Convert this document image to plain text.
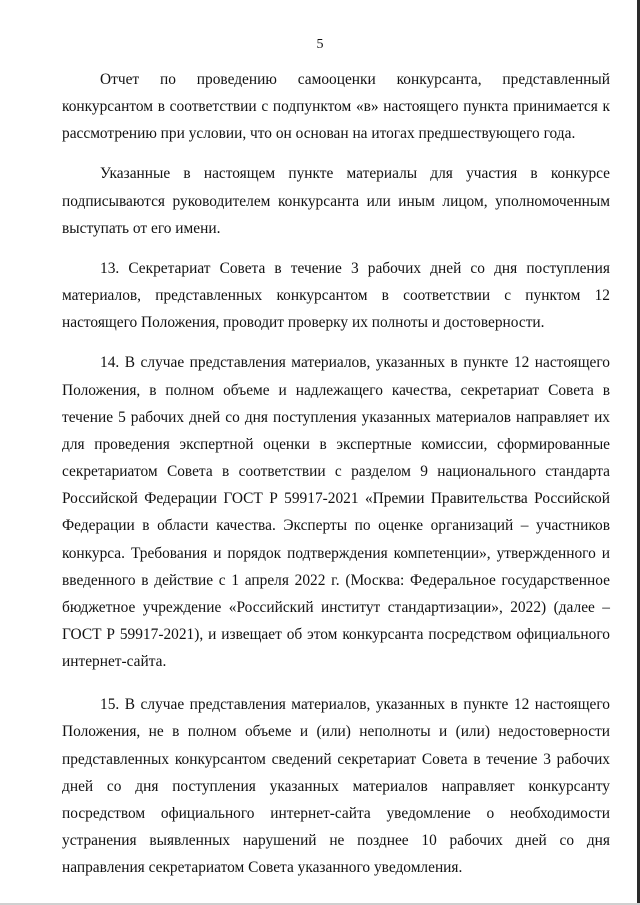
5

Отчет по проведению самооценки конкурсанта, представленный конкурсантом в соответствии с подпунктом «в» настоящего пункта принимается к рассмотрению при условии, что он основан на итогах предшествующего года.

Указанные в настоящем пункте материалы для участия в конкурсе подписываются руководителем конкурсанта или иным лицом, уполномоченным выступать от его имени.

13. Секретариат Совета в течение 3 рабочих дней со дня поступления материалов, представленных конкурсантом в соответствии с пунктом 12 настоящего Положения, проводит проверку их полноты и достоверности.

14. В случае представления материалов, указанных в пункте 12 настоящего Положения, в полном объеме и надлежащего качества, секретариат Совета в течение 5 рабочих дней со дня поступления указанных материалов направляет их для проведения экспертной оценки в экспертные комиссии, сформированные секретариатом Совета в соответствии с разделом 9 национального стандарта Российской Федерации ГОСТ Р 59917-2021 «Премии Правительства Российской Федерации в области качества. Эксперты по оценке организаций – участников конкурса. Требования и порядок подтверждения компетенции», утвержденного и введенного в действие с 1 апреля 2022 г. (Москва: Федеральное государственное бюджетное учреждение «Российский институт стандартизации», 2022) (далее – ГОСТ Р 59917-2021), и извещает об этом конкурсанта посредством официального интернет-сайта.

15. В случае представления материалов, указанных в пункте 12 настоящего Положения, не в полном объеме и (или) неполноты и (или) недостоверности представленных конкурсантом сведений секретариат Совета в течение 3 рабочих дней со дня поступления указанных материалов направляет конкурсанту посредством официального интернет-сайта уведомление о необходимости устранения выявленных нарушений не позднее 10 рабочих дней со дня направления секретариатом Совета указанного уведомления.
